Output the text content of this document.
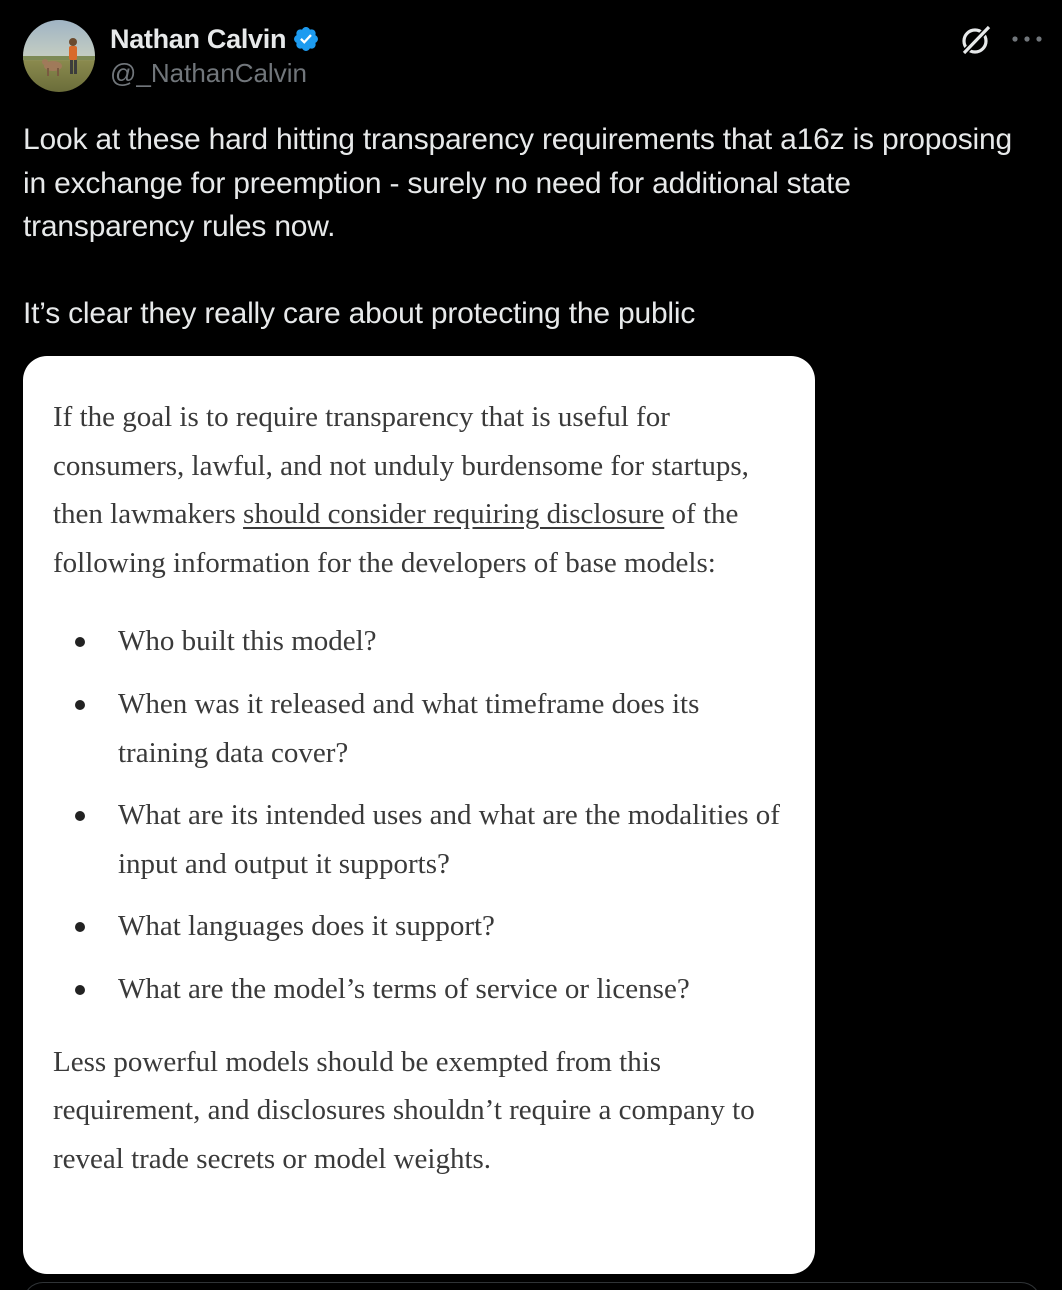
Nathan Calvin
@_NathanCalvin

Look at these hard hitting transparency requirements that a16z is proposing in exchange for preemption - surely no need for additional state transparency rules now.

It’s clear they really care about protecting the public

If the goal is to require transparency that is useful for consumers, lawful, and not unduly burdensome for startups, then lawmakers should consider requiring disclosure of the following information for the developers of base models:

Who built this model?
When was it released and what timeframe does its training data cover?
What are its intended uses and what are the modalities of input and output it supports?
What languages does it support?
What are the model’s terms of service or license?

Less powerful models should be exempted from this requirement, and disclosures shouldn’t require a company to reveal trade secrets or model weights.
